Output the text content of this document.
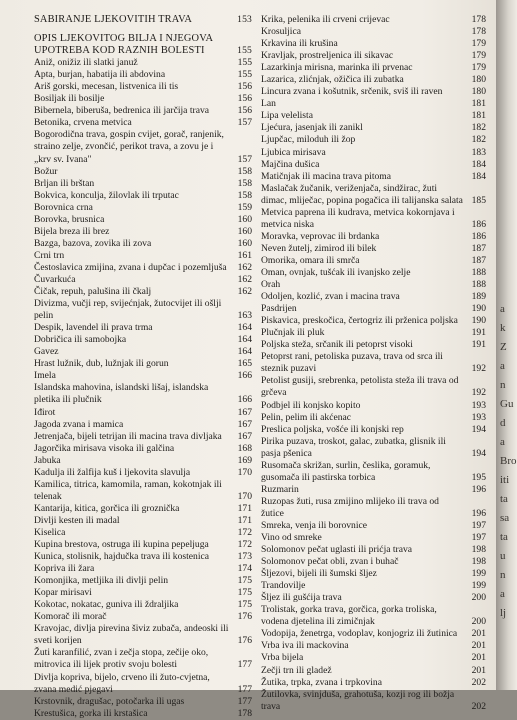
SABIRANJE LJEKOVITIH TRAVA	153
OPIS LJEKOVITOG BILJA I NJEGOVA UPOTREBA KOD RAZNIH BOLESTI	155
Aniž, onižiz ili slatki januž	155
Apta, burjan, habatija ili abdovina	155
Ariš gorski, mecesan, listvenica ili tis	156
Bosiljak ili bosilje	156
Bibernela, biberuša, bedrenica ili jarčija trava	156
Betonika, crvena metvica	157
Bogorodična trava, gospin cvijet, gorač, ranjenik, straino zelje, zvončić, perikot trava, a zovu je i „krv sv. Ivana"	157
Božur	158
Brljan ili brštan	158
Bokvica, konculja, žilovlak ili trputac	158
Borovnica crna	159
Borovka, brusnica	160
Bijela breza ili brez	160
Bazga, bazova, zovika ili zova	160
Crni trn	161
Čestoslavica zmijina, zvana i dupčac i pozemljuša	162
Čuvarkuća	162
Čičak, repuh, palušina ili čkalj	162
Divizma, vučji rep, svijećnjak, žutocvijet ili ošlji pelin	163
Despik, lavendel ili prava trma	164
Dobričica ili samobojka	164
Gavez	164
Hrast lužnik, dub, lužnjak ili gorun	165
Imela	166
Islandska mahovina, islandski lišaj, islandska pletika ili plučnik	166
Iđirot	167
Jagoda zvana i mamica	167
Jetrenjača, bijeli tetrijan ili macina trava divljaka	167
Jagorčika mirisava visoka ili galčina	168
Jabuka	169
Kadulja ili žalfija kuš i ljekovita slavulja	170
Kamilica, titrica, kamomila, raman, kokotnjak ili telenak	170
Kantarija, kitica, gorčica ili groznička	171
Divlji kesten ili madal	171
Kiselica	172
Kupina brestova, ostruga ili kupina pepeljuga	172
Kunica, stolisnik, hajdučka trava ili kostenica	173
Kopriva ili žara	174
Komonjika, metljika ili divlji pelin	175
Kopar mirisavi	175
Kokotac, nokatac, guniva ili ždraljika	175
Komorač ili morač	176
Kravojac, divlja pirevina šiviz zubača, andeoski ili sveti korijen	176
Žuti karanfilić, zvan i zečja stopa, zečije oko, mitrovica ili lijek protiv svoju bolesti	177
Divlja kopriva, bijelo, crveno ili žuto-cvjetna, zvana medić pjegavi	177
Krstovnik, dragušac, potočarka ili ugas	177
Krestušica, gorka ili krstašica	178
Krika, pelenika ili crveni crijevac	178
Krosuljica	178
Krkavina ili krušina	179
Kravljak, prostreljenica ili sikavac	179
Lazarkinja mirisna, marinka ili prvenac	179
Lazarica, zlićnjak, ožičica ili zubatka	180
Lincura zvana i košutnik, srčenik, sviš ili raven	180
Lan	181
Lipa velelista	181
Ljećura, jasenjak ili zanikl	182
Ljupčac, miloduh ili žop	182
Ljubica mirisava	183
Majčina dušica	184
Matičnjak ili macina trava pitoma	184
Maslačak žučanik, veriženjača, sindžirac, žuti dimac, mliječac, popina pogačica ili talijanska salata 185
Metvica paprena ili kudrava, metvica kokornjava i metvica niska	186
Moravka, veprovac ili brdanka	186
Neven žutelj, zimirod ili bilek	187
Omorika, omara ili smrča	187
Oman, ovnjak, tušćak ili ivanjsko zelje	188
Orah	188
Odoljen, kozlić, zvan i macina trava	189
Pasdrijen	190
Piskavica, preskočica, čertogriz ili prženica poljska	190
Plučnjak ili pluk	191
Poljska steža, srčanik ili petoprst visoki	191
Petoprst rani, petoliska puzava, trava od srca ili steznik puzavi	192
Petolist gusiji, srebrenka, petolista steža ili trava od grčeva	192
Podbjel ili konjsko kopito	193
Pelin, pelim ili akćenac	193
Preslica poljska, vošće ili konjski rep	194
Pirika puzava, troskot, galac, zubatka, glisnik ili pasja pšenica	194
Rusomača skrižan, surlin, česlika, goramuk, gusomača ili pastirska torbica	195
Ruzmarin	196
Ruzopas žuti, rusa zmijino mlijeko ili trava od žutice	196
Smreka, venja ili borovnice	197
Vino od smreke	197
Solomonov pečat uglasti ili prićja trava	198
Solomonov pečat obli, zvan i buhač	198
Šljezovi, bijeli ili šumski šljez	199
Trandovilje	199
Šljez ili gušćija trava	200
Trolistak, gorka trava, gorčica, gorka troliska, vodena djetelina ili zimičnjak	200
Vodopija, ženetrga, vodoplav, konjogriz ili žutinica	201
Vrba iva ili mackovina	201
Vrba bijela	201
Zečji trn ili gladež	201
Žutika, trpka, zvana i trpkovina	202
Žutilovka, svinjduša, grahotuša, kozji rog ili božja trava	202
a
k
Z
a
n
Gu
d
a
Bro
iti
ta
sa
ta
u
n
a
lj
